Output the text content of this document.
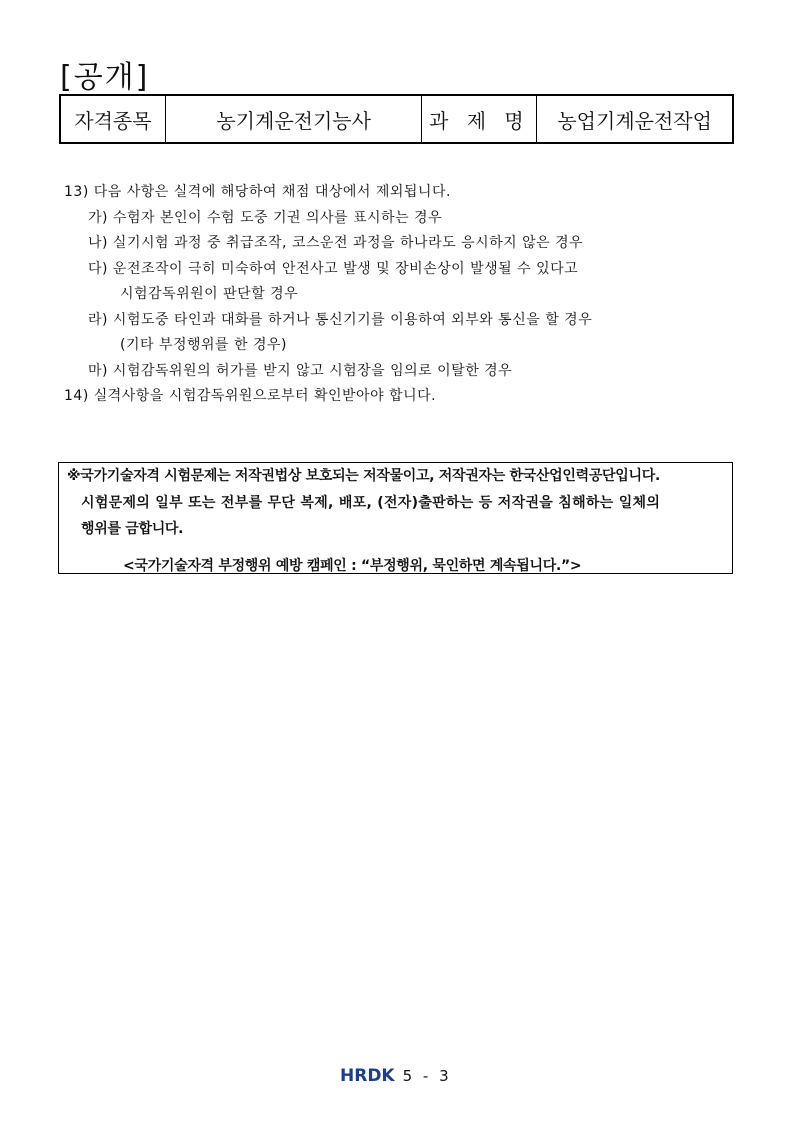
[공개]
자격종목	농기계운전기능사	과 제 명	농업기계운전작업
13) 다음 사항은 실격에 해당하여 채점 대상에서 제외됩니다.
가) 수험자 본인이 수험 도중 기권 의사를 표시하는 경우
나) 실기시험 과정 중 취급조작, 코스운전 과정을 하나라도 응시하지 않은 경우
다) 운전조작이 극히 미숙하여 안전사고 발생 및 장비손상이 발생될 수 있다고
시험감독위원이 판단할 경우
라) 시험도중 타인과 대화를 하거나 통신기기를 이용하여 외부와 통신을 할 경우
(기타 부정행위를 한 경우)
마) 시험감독위원의 허가를 받지 않고 시험장을 임의로 이탈한 경우
14) 실격사항을 시험감독위원으로부터 확인받아야 합니다.
※국가기술자격 시험문제는 저작권법상 보호되는 저작물이고, 저작권자는 한국산업인력공단입니다.
시험문제의 일부 또는 전부를 무단 복제, 배포, (전자)출판하는 등 저작권을 침해하는 일체의
행위를 금합니다.
<국가기술자격 부정행위 예방 캠페인 : “부정행위, 묵인하면 계속됩니다.”>
HRDK 5 - 3
